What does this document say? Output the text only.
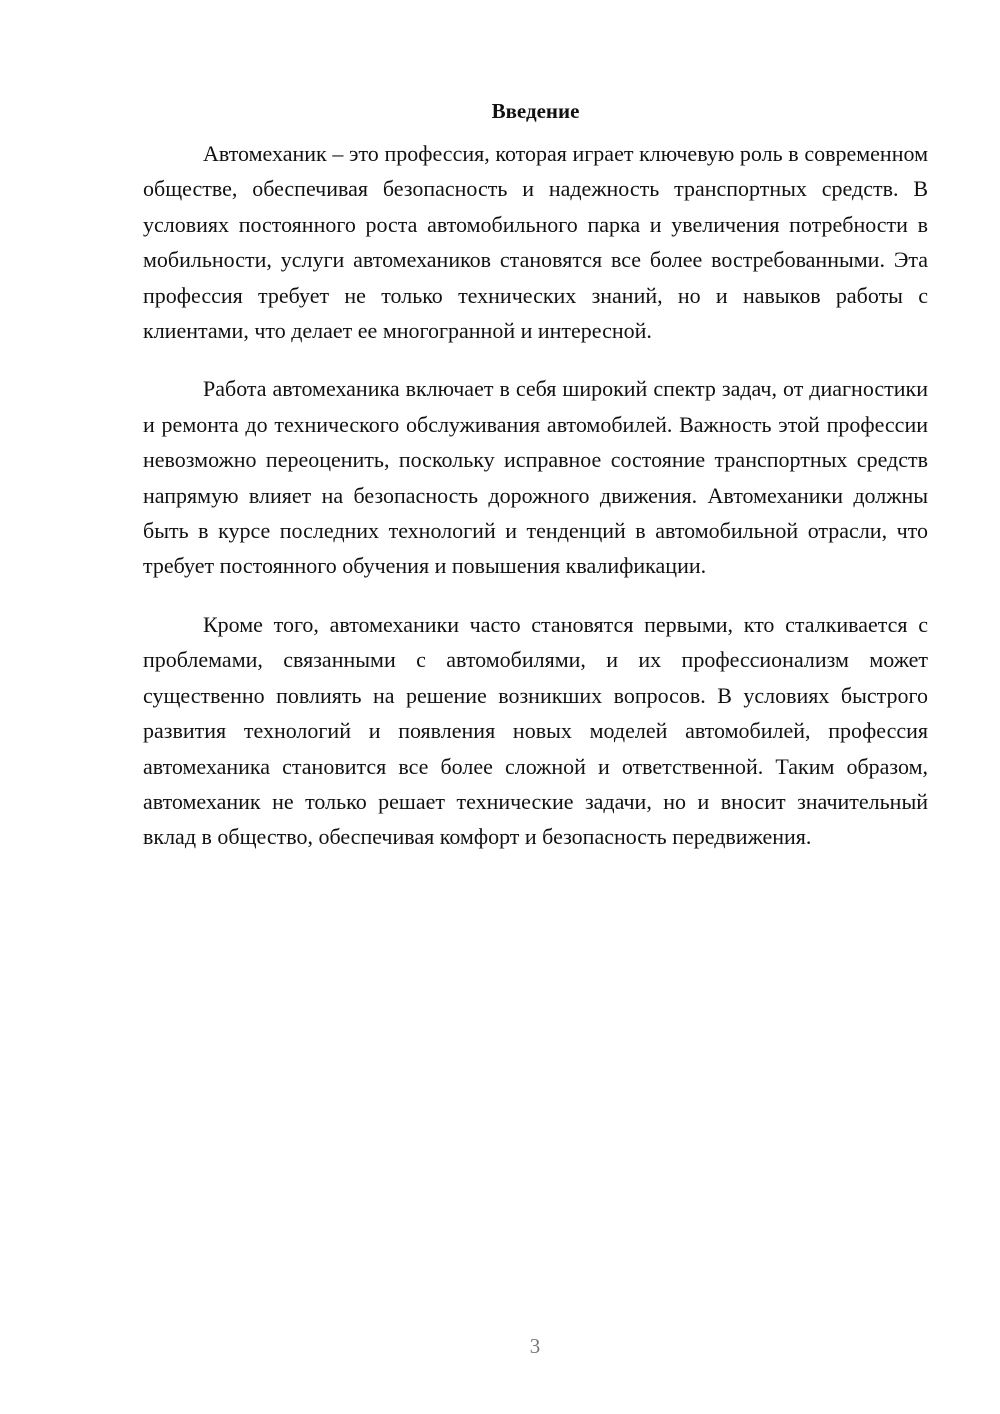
Введение

Автомеханик – это профессия, которая играет ключевую роль в современном обществе, обеспечивая безопасность и надежность транспортных средств. В условиях постоянного роста автомобильного парка и увеличения потребности в мобильности, услуги автомехаников становятся все более востребованными. Эта профессия требует не только технических знаний, но и навыков работы с клиентами, что делает ее многогранной и интересной.

Работа автомеханика включает в себя широкий спектр задач, от диагностики и ремонта до технического обслуживания автомобилей. Важность этой профессии невозможно переоценить, поскольку исправное состояние транспортных средств напрямую влияет на безопасность дорожного движения. Автомеханики должны быть в курсе последних технологий и тенденций в автомобильной отрасли, что требует постоянного обучения и повышения квалификации.

Кроме того, автомеханики часто становятся первыми, кто сталкивается с проблемами, связанными с автомобилями, и их профессионализм может существенно повлиять на решение возникших вопросов. В условиях быстрого развития технологий и появления новых моделей автомобилей, профессия автомеханика становится все более сложной и ответственной. Таким образом, автомеханик не только решает технические задачи, но и вносит значительный вклад в общество, обеспечивая комфорт и безопасность передвижения.

3
